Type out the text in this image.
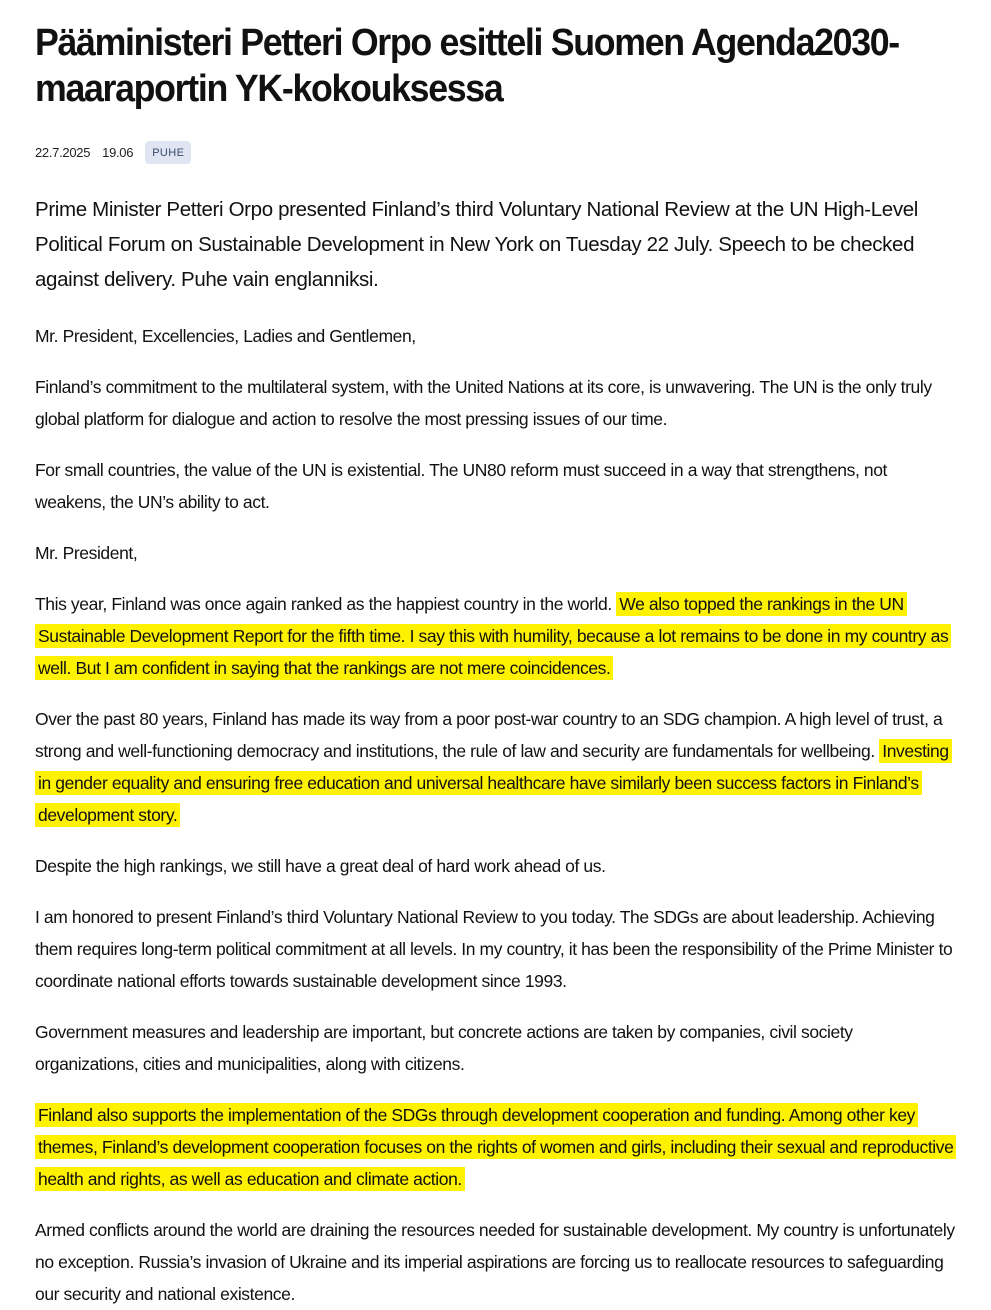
Pääministeri Petteri Orpo esitteli Suomen Agenda2030-maaraportin YK-kokouksessa
22.7.2025 19.06	PUHE

Prime Minister Petteri Orpo presented Finland’s third Voluntary National Review at the UN High-Level Political Forum on Sustainable Development in New York on Tuesday 22 July. Speech to be checked against delivery. Puhe vain englanniksi.

Mr. President, Excellencies, Ladies and Gentlemen,

Finland’s commitment to the multilateral system, with the United Nations at its core, is unwavering. The UN is the only truly global platform for dialogue and action to resolve the most pressing issues of our time.

For small countries, the value of the UN is existential. The UN80 reform must succeed in a way that strengthens, not weakens, the UN’s ability to act.

Mr. President,

This year, Finland was once again ranked as the happiest country in the world. We also topped the rankings in the UN Sustainable Development Report for the fifth time. I say this with humility, because a lot remains to be done in my country as well. But I am confident in saying that the rankings are not mere coincidences.

Over the past 80 years, Finland has made its way from a poor post-war country to an SDG champion. A high level of trust, a strong and well-functioning democracy and institutions, the rule of law and security are fundamentals for wellbeing. Investing in gender equality and ensuring free education and universal healthcare have similarly been success factors in Finland’s development story.

Despite the high rankings, we still have a great deal of hard work ahead of us.

I am honored to present Finland’s third Voluntary National Review to you today. The SDGs are about leadership. Achieving them requires long-term political commitment at all levels. In my country, it has been the responsibility of the Prime Minister to coordinate national efforts towards sustainable development since 1993.

Government measures and leadership are important, but concrete actions are taken by companies, civil society organizations, cities and municipalities, along with citizens.

Finland also supports the implementation of the SDGs through development cooperation and funding. Among other key themes, Finland’s development cooperation focuses on the rights of women and girls, including their sexual and reproductive health and rights, as well as education and climate action.

Armed conflicts around the world are draining the resources needed for sustainable development. My country is unfortunately no exception. Russia’s invasion of Ukraine and its imperial aspirations are forcing us to reallocate resources to safeguarding our security and national existence.
